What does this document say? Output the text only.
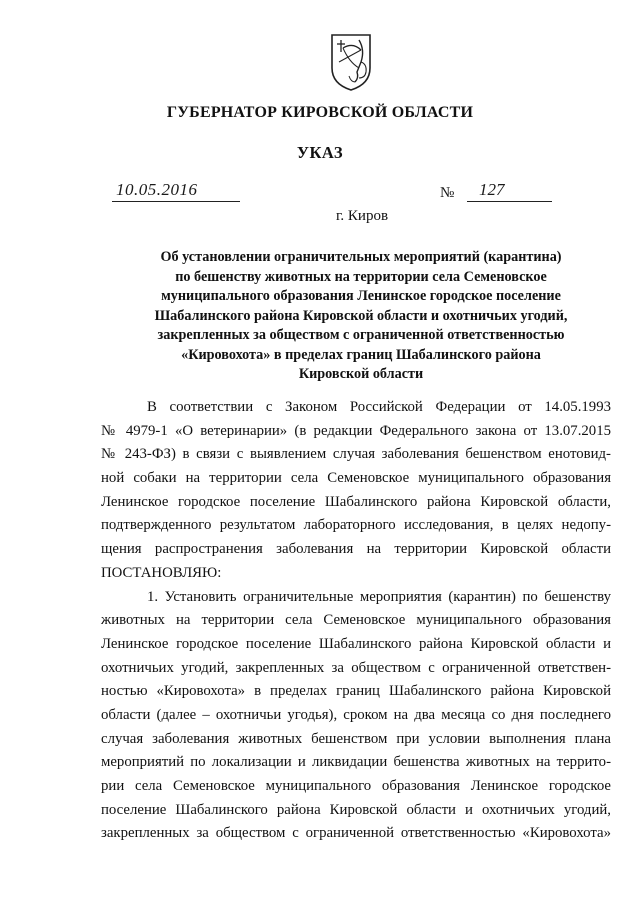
ГУБЕРНАТОР КИРОВСКОЙ ОБЛАСТИ
УКАЗ
10.05.2016	№ 127
г. Киров
Об установлении ограничительных мероприятий (карантина)
по бешенству животных на территории села Семеновское
муниципального образования Ленинское городское поселение
Шабалинского района Кировской области и охотничьих угодий,
закрепленных за обществом с ограниченной ответственностью
«Кировохота» в пределах границ Шабалинского района
Кировской области
В соответствии с Законом Российской Федерации от 14.05.1993
№ 4979-1 «О ветеринарии» (в редакции Федерального закона от 13.07.2015
№ 243-ФЗ) в связи с выявлением случая заболевания бешенством енотовид-
ной собаки на территории села Семеновское муниципального образования
Ленинское городское поселение Шабалинского района Кировской области,
подтвержденного результатом лабораторного исследования, в целях недопу-
щения распространения заболевания на территории Кировской области
ПОСТАНОВЛЯЮ:
1. Установить ограничительные мероприятия (карантин) по бешенству
животных на территории села Семеновское муниципального образования
Ленинское городское поселение Шабалинского района Кировской области и
охотничьих угодий, закрепленных за обществом с ограниченной ответствен-
ностью «Кировохота» в пределах границ Шабалинского района Кировской
области (далее – охотничьи угодья), сроком на два месяца со дня последнего
случая заболевания животных бешенством при условии выполнения плана
мероприятий по локализации и ликвидации бешенства животных на террито-
рии села Семеновское муниципального образования Ленинское городское
поселение Шабалинского района Кировской области и охотничьих угодий,
закрепленных за обществом с ограниченной ответственностью «Кировохота»
